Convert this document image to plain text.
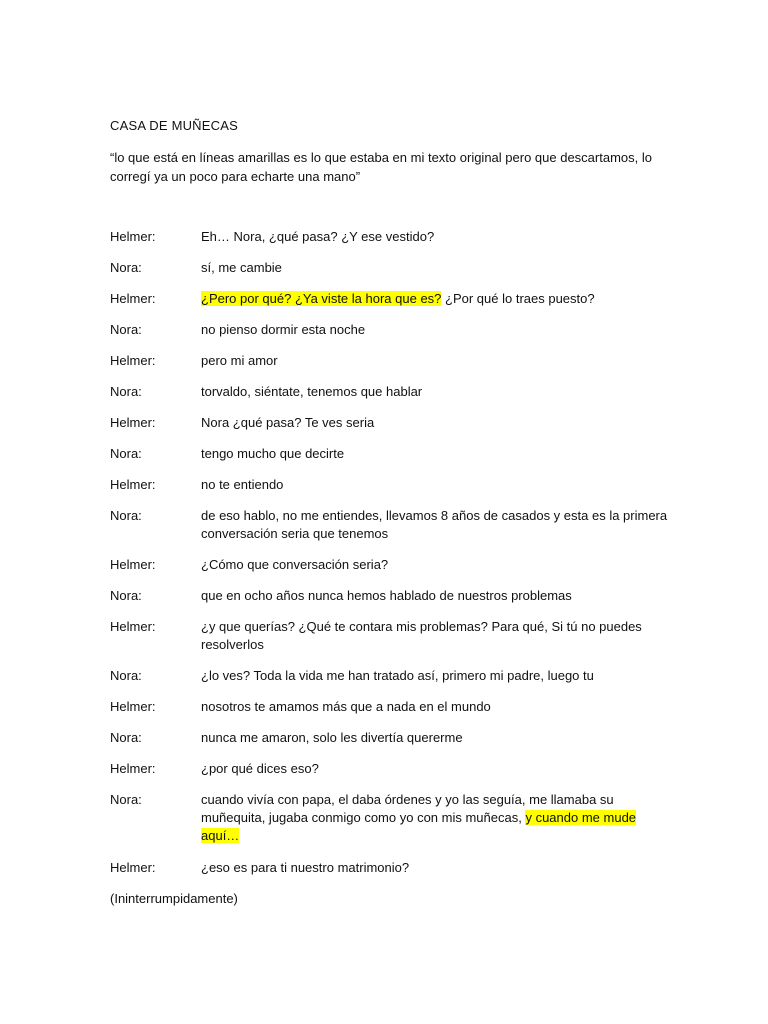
CASA DE MUÑECAS
“lo que está en líneas amarillas es lo que estaba en mi texto original pero que descartamos, lo corregí ya un poco para echarte una mano”
Helmer:	Eh… Nora, ¿qué pasa? ¿Y ese vestido?
Nora:	sí, me cambie
Helmer:	¿Pero por qué? ¿Ya viste la hora que es? ¿Por qué lo traes puesto?
Nora:	no pienso dormir esta noche
Helmer:	pero mi amor
Nora:	torvaldo, siéntate, tenemos que hablar
Helmer:	Nora ¿qué pasa? Te ves seria
Nora:	tengo mucho que decirte
Helmer:	no te entiendo
Nora:	de eso hablo, no me entiendes, llevamos 8 años de casados y esta es la primera conversación seria que tenemos
Helmer:	¿Cómo que conversación seria?
Nora:	que en ocho años nunca hemos hablado de nuestros problemas
Helmer:	¿y que querías? ¿Qué te contara mis problemas? Para qué, Si tú no puedes resolverlos
Nora:	¿lo ves? Toda la vida me han tratado así, primero mi padre, luego tu
Helmer:	nosotros te amamos más que a nada en el mundo
Nora:	nunca me amaron, solo les divertía quererme
Helmer:	¿por qué dices eso?
Nora:	cuando vivía con papa, el daba órdenes y yo las seguía, me llamaba su muñequita, jugaba conmigo como yo con mis muñecas, y cuando me mude aquí…
Helmer:	¿eso es para ti nuestro matrimonio?
(Ininterrumpidamente)
